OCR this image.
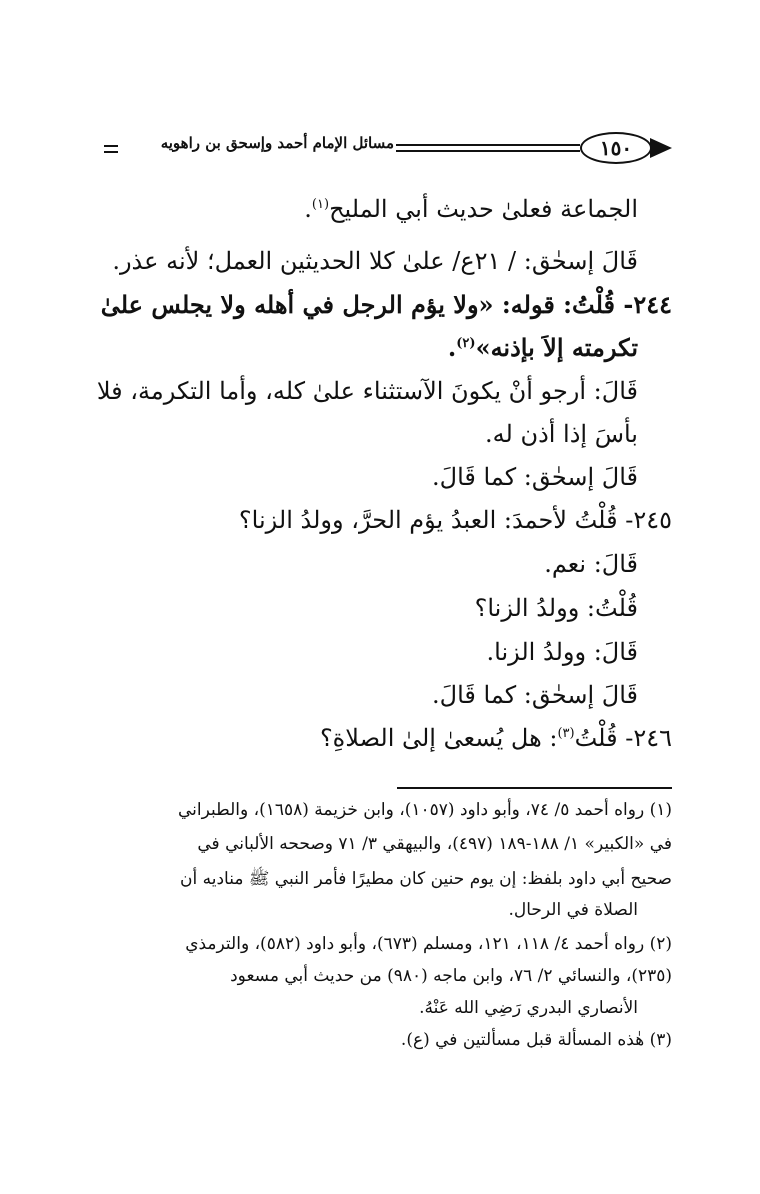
مسائل الإمام أحمد وإسحق بن راهويه	١٥٠
الجماعة فعلىٰ حديث أبي المليح$^{(١)}$.
قَالَ إسحٰق: / ٢١ع/ علىٰ كلا الحديثين العمل؛ لأنه عذر.
٢٤٤- قُلْتُ: قوله: «ولا يؤم الرجل في أهله ولا يجلس علىٰ
تكرمته إلاَ بإذنه»$^{(٢)}$.
قَالَ: أرجو أنْ يكونَ الآستثناء علىٰ كله، وأما التكرمة، فلا
بأسَ إذا أذن له.
قَالَ إسحٰق: كما قَالَ.
٢٤٥- قُلْتُ لأحمدَ: العبدُ يؤم الحرَّ، وولدُ الزنا؟
قَالَ: نعم.
قُلْتُ: وولدُ الزنا؟
قَالَ: وولدُ الزنا.
قَالَ إسحٰق: كما قَالَ.
٢٤٦- قُلْتُ$^{(٣)}$: هل يُسعىٰ إلىٰ الصلاةِ؟
(١) رواه أحمد ٥/ ٧٤، وأبو داود (١٠٥٧)، وابن خزيمة (١٦٥٨)، والطبراني
في «الكبير» ١/ ١٨٨-١٨٩ (٤٩٧)، والبيهقي ٣/ ٧١ وصححه الألباني في
صحيح أبي داود بلفظ: إن يوم حنين كان مطيرًا فأمر النبي ﷺ مناديه أن
الصلاة في الرحال.
(٢) رواه أحمد ٤/ ١١٨، ١٢١، ومسلم (٦٧٣)، وأبو داود (٥٨٢)، والترمذي
(٢٣٥)، والنسائي ٢/ ٧٦، وابن ماجه (٩٨٠) من حديث أبي مسعود
الأنصاري البدري رَضِي الله عَنْهُ.
(٣) هٰذه المسألة قبل مسألتين في (ع).
